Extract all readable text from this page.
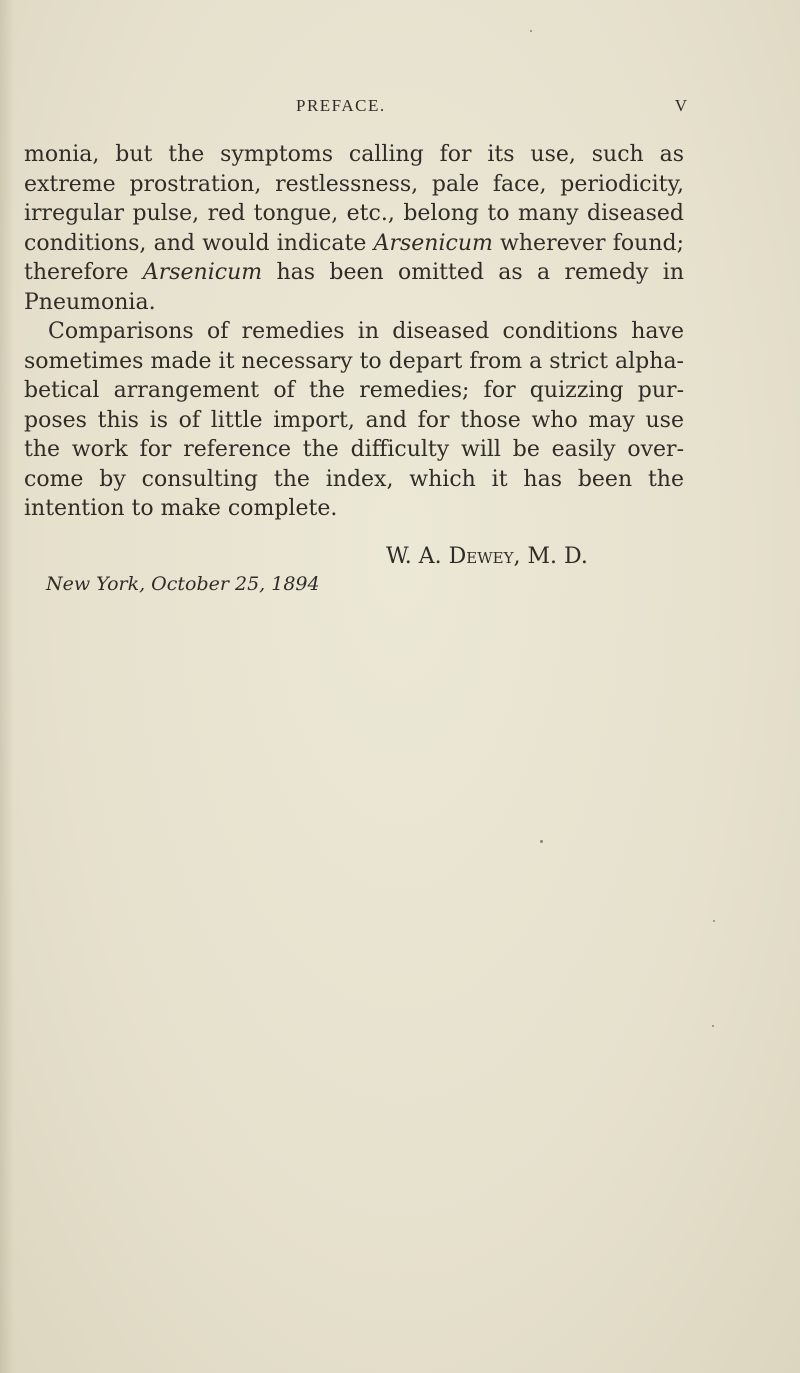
PREFACE.	V
monia, but the symptoms calling for its use, such as
extreme prostration, restlessness, pale face, periodicity,
irregular pulse, red tongue, etc., belong to many diseased
conditions, and would indicate Arsenicum wherever found;
therefore Arsenicum has been omitted as a remedy in
Pneumonia.
Comparisons of remedies in diseased conditions have
sometimes made it necessary to depart from a strict alpha-
betical arrangement of the remedies; for quizzing pur-
poses this is of little import, and for those who may use
the work for reference the difficulty will be easily over-
come by consulting the index, which it has been the
intention to make complete.
W. A. Dewey, M. D.
New York, October 25, 1894
